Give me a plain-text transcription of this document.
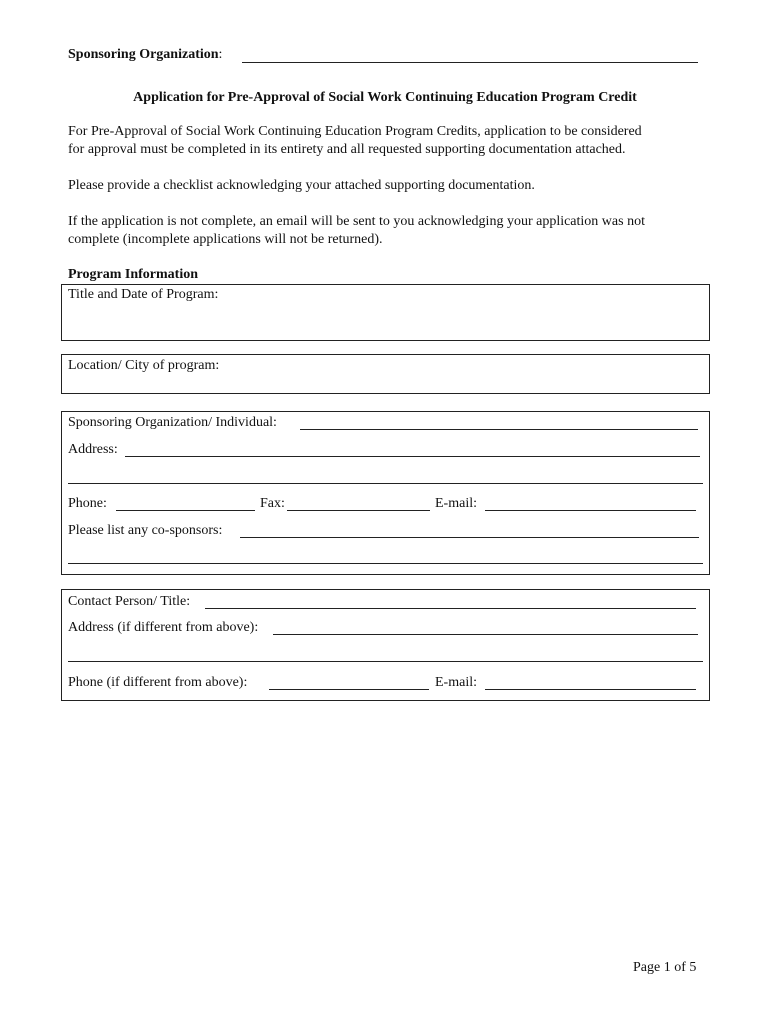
Sponsoring Organization:
Application for Pre-Approval of Social Work Continuing Education Program Credit
For Pre-Approval of Social Work Continuing Education Program Credits, application to be considered
for approval must be completed in its entirety and all requested supporting documentation attached.
Please provide a checklist acknowledging your attached supporting documentation.
If the application is not complete, an email will be sent to you acknowledging your application was not
complete (incomplete applications will not be returned).
Program Information
Title and Date of Program:
Location/ City of program:
Sponsoring Organization/ Individual:
Address:
Phone:	Fax:	E-mail:
Please list any co-sponsors:
Contact Person/ Title:
Address (if different from above):
Phone (if different from above):	E-mail:
Page 1 of 5
